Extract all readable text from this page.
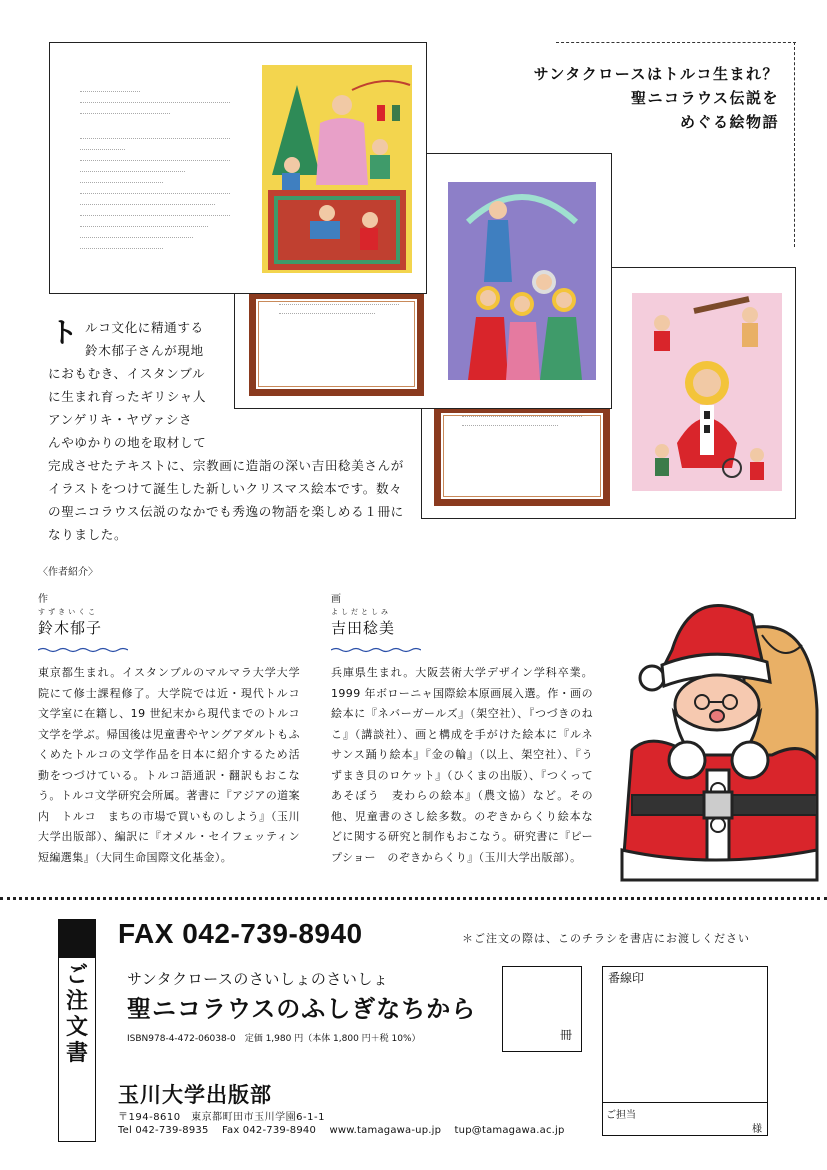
サンタクロースはトルコ生まれ？
聖ニコラウス伝説を
めぐる絵物語
ト ルコ文化に精通する
鈴木郁子さんが現地
におもむき、イスタンブル
に生まれ育ったギリシャ人
アンゲリキ・ヤヴァシさ
んやゆかりの地を取材して
完成させたテキストに、宗教画に造詣の深い吉田稔美さんが
イラストをつけて誕生した新しいクリスマス絵本です。数々
の聖ニコラウス伝説のなかでも秀逸の物語を楽しめる１冊に
なりました。
〈作者紹介〉
作
すずきいくこ
鈴木郁子
東京都生まれ。イスタンブルのマルマラ大学大学院にて修士課程修了。大学院では近・現代トルコ文学室に在籍し、19 世紀末から現代までのトルコ文学を学ぶ。帰国後は児童書やヤングアダルトもふくめたトルコの文学作品を日本に紹介するため活動をつづけている。トルコ語通訳・翻訳もおこなう。トルコ文学研究会所属。著書に『アジアの道案内　トルコ　まちの市場で買いものしよう』（玉川大学出版部）、編訳に『オメル・セイフェッティン短編選集』（大同生命国際文化基金）。
画
よしだとしみ
吉田稔美
兵庫県生まれ。大阪芸術大学デザイン学科卒業。1999 年ボローニャ国際絵本原画展入選。作・画の絵本に『ネバーガールズ』（架空社）、『つづきのねこ』（講談社）、画と構成を手がけた絵本に『ルネサンス踊り絵本』『金の輪』（以上、架空社）、『うずまき貝のロケット』（ひくまの出版）、『つくってあそぼう　麦わらの絵本』（農文協）など。その他、児童書のさし絵多数。のぞきからくり絵本などに関する研究と制作もおこなう。研究書に『ピープショー　のぞきからくり』（玉川大学出版部）。
ご注文書
FAX 042-739-8940	＊ご注文の際は、このチラシを書店にお渡しください
サンタクロースのさいしょのさいしょ
聖ニコラウスのふしぎなちから
ISBN978-4-472-06038-0　定価 1,980 円（本体 1,800 円＋税 10%）	冊
番線印
ご担当
様
玉川大学出版部
〒194-8610　東京都町田市玉川学園6-1-1
Tel 042-739-8935 Fax 042-739-8940 www.tamagawa-up.jp tup@tamagawa.ac.jp
